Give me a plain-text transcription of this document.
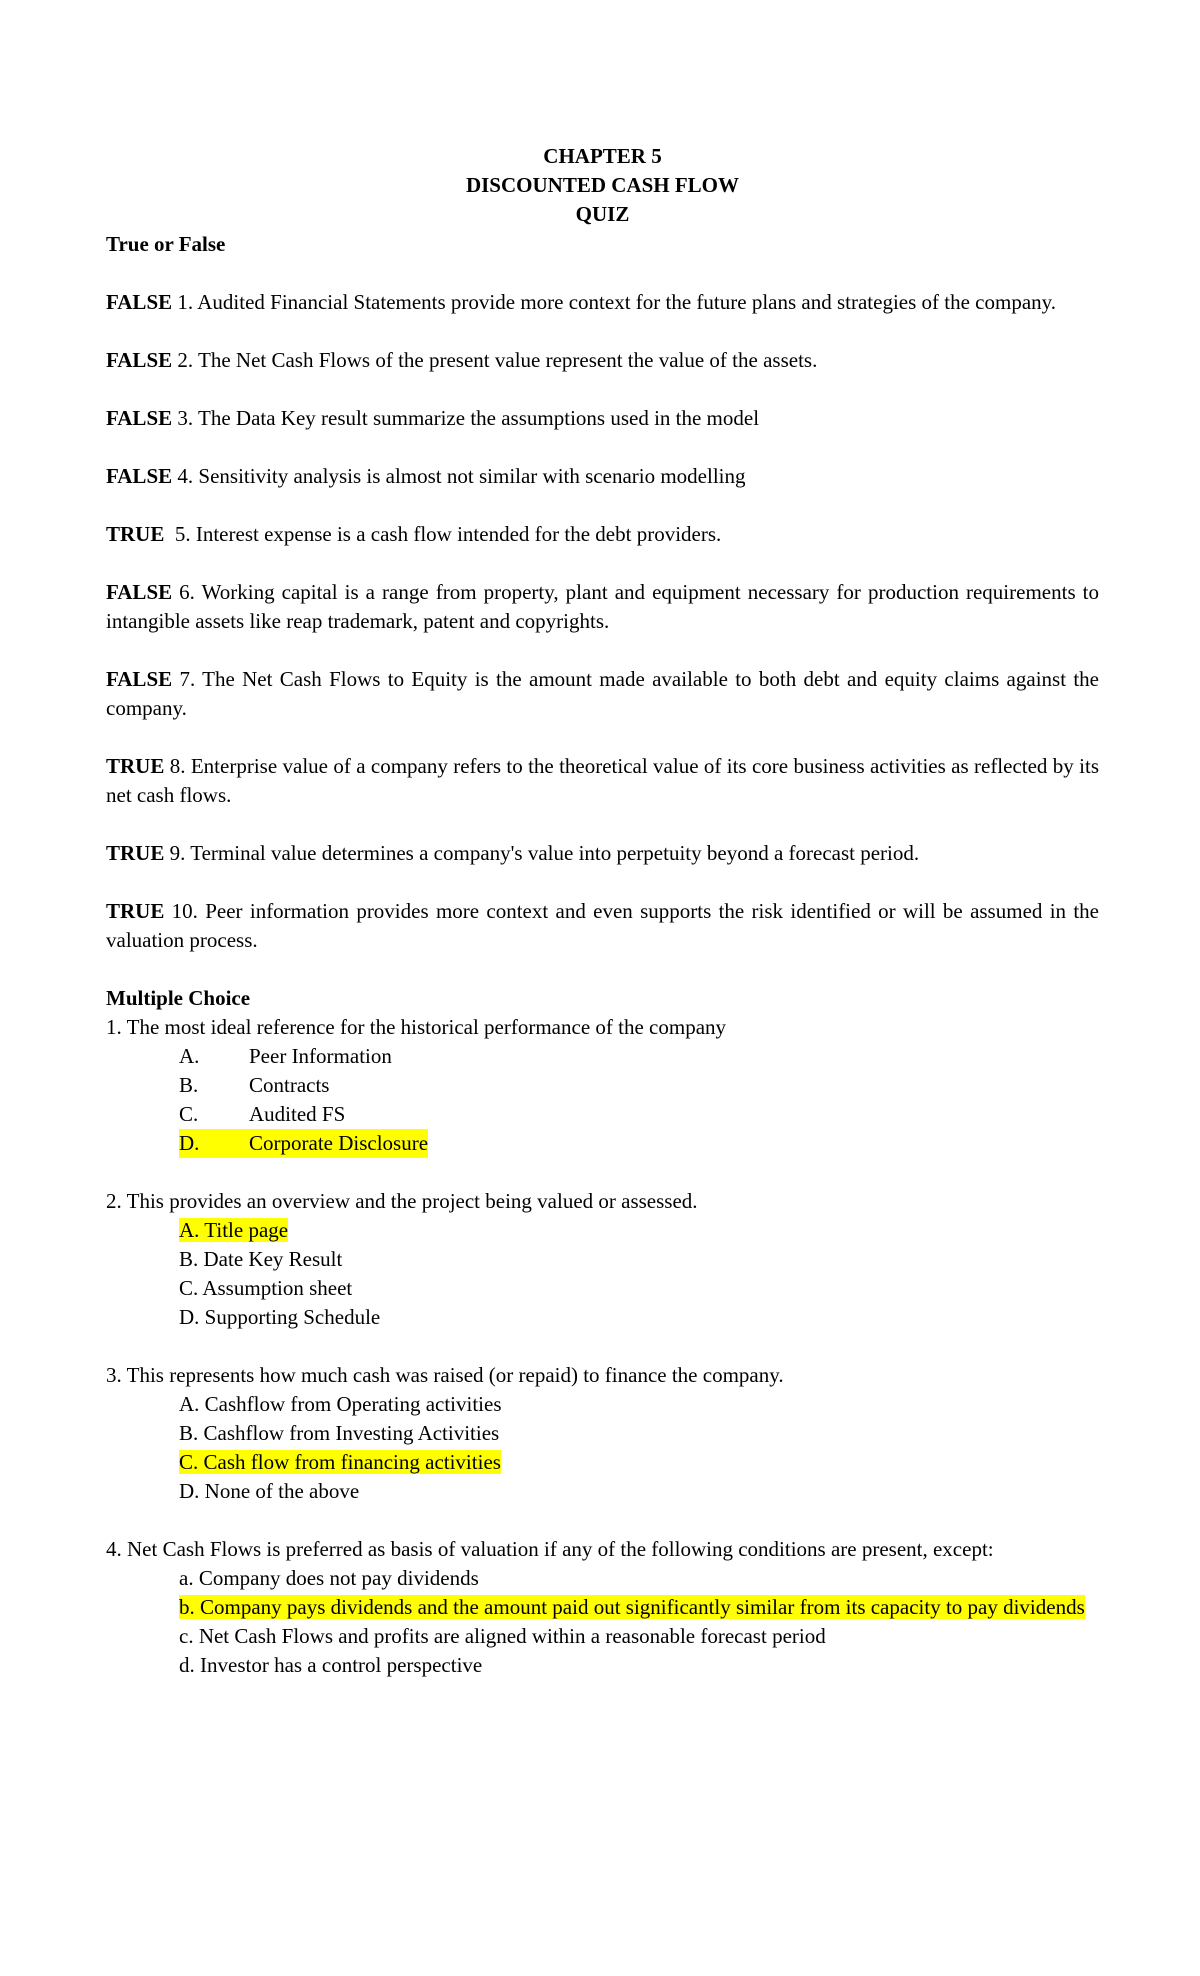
CHAPTER 5
DISCOUNTED CASH FLOW
QUIZ
True or False
FALSE 1. Audited Financial Statements provide more context for the future plans and strategies of the company.
FALSE 2. The Net Cash Flows of the present value represent the value of the assets.
FALSE 3. The Data Key result summarize the assumptions used in the model
FALSE 4. Sensitivity analysis is almost not similar with scenario modelling
TRUE  5. Interest expense is a cash flow intended for the debt providers.
FALSE 6. Working capital is a range from property, plant and equipment necessary for production requirements to intangible assets like reap trademark, patent and copyrights.
FALSE 7. The Net Cash Flows to Equity is the amount made available to both debt and equity claims against the company.
TRUE 8. Enterprise value of a company refers to the theoretical value of its core business activities as reflected by its net cash flows.
TRUE 9. Terminal value determines a company's value into perpetuity beyond a forecast period.
TRUE 10. Peer information provides more context and even supports the risk identified or will be assumed in the valuation process.
Multiple Choice
1. The most ideal reference for the historical performance of the company
A.	Peer Information
B.	Contracts
C.	Audited FS
D.	Corporate Disclosure
2. This provides an overview and the project being valued or assessed.
A. Title page
B. Date Key Result
C. Assumption sheet
D. Supporting Schedule
3. This represents how much cash was raised (or repaid) to finance the company.
A. Cashflow from Operating activities
B. Cashflow from Investing Activities
C. Cash flow from financing activities
D. None of the above
4. Net Cash Flows is preferred as basis of valuation if any of the following conditions are present, except:
a. Company does not pay dividends
b. Company pays dividends and the amount paid out significantly similar from its capacity to pay dividends
c. Net Cash Flows and profits are aligned within a reasonable forecast period
d. Investor has a control perspective
